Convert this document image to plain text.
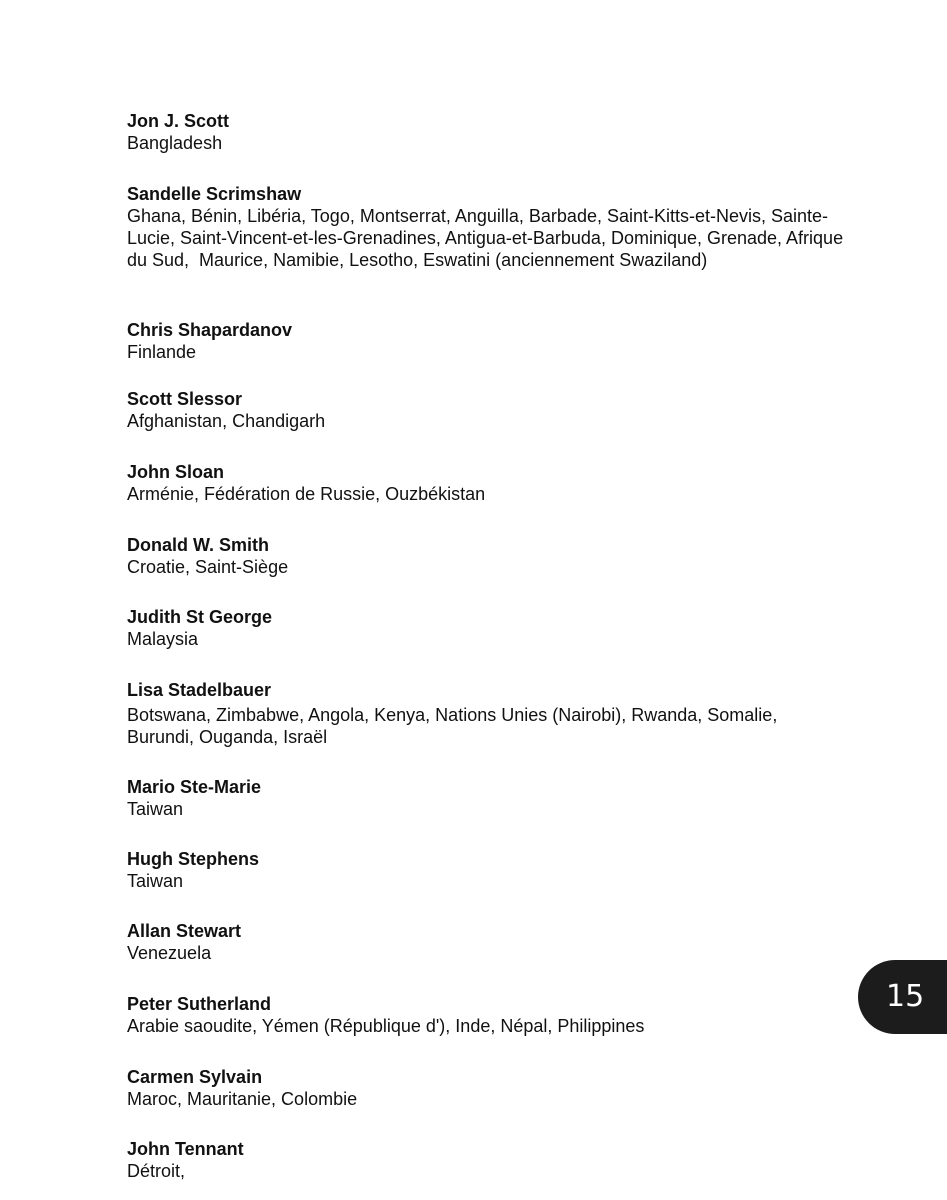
Jon J. Scott

Bangladesh

Sandelle Scrimshaw

Ghana, Bénin, Libéria, Togo, Montserrat, Anguilla, Barbade, Saint-Kitts-et-Nevis, Sainte-Lucie, Saint-Vincent-et-les-Grenadines, Antigua-et-Barbuda, Dominique, Grenade, Afrique du Sud,  Maurice, Namibie, Lesotho, Eswatini (anciennement Swaziland)

Chris Shapardanov

Finlande

Scott Slessor

Afghanistan, Chandigarh

John Sloan

Arménie, Fédération de Russie, Ouzbékistan

Donald W. Smith

Croatie, Saint-Siège

Judith St George

Malaysia

Lisa Stadelbauer

Botswana, Zimbabwe, Angola, Kenya, Nations Unies (Nairobi), Rwanda, Somalie, Burundi, Ouganda, Israël

Mario Ste-Marie

Taiwan

Hugh Stephens

Taiwan

Allan Stewart

Venezuela

Peter Sutherland

Arabie saoudite, Yémen (République d'), Inde, Népal, Philippines

Carmen Sylvain

Maroc, Mauritanie, Colombie

John Tennant

Détroit,

15
